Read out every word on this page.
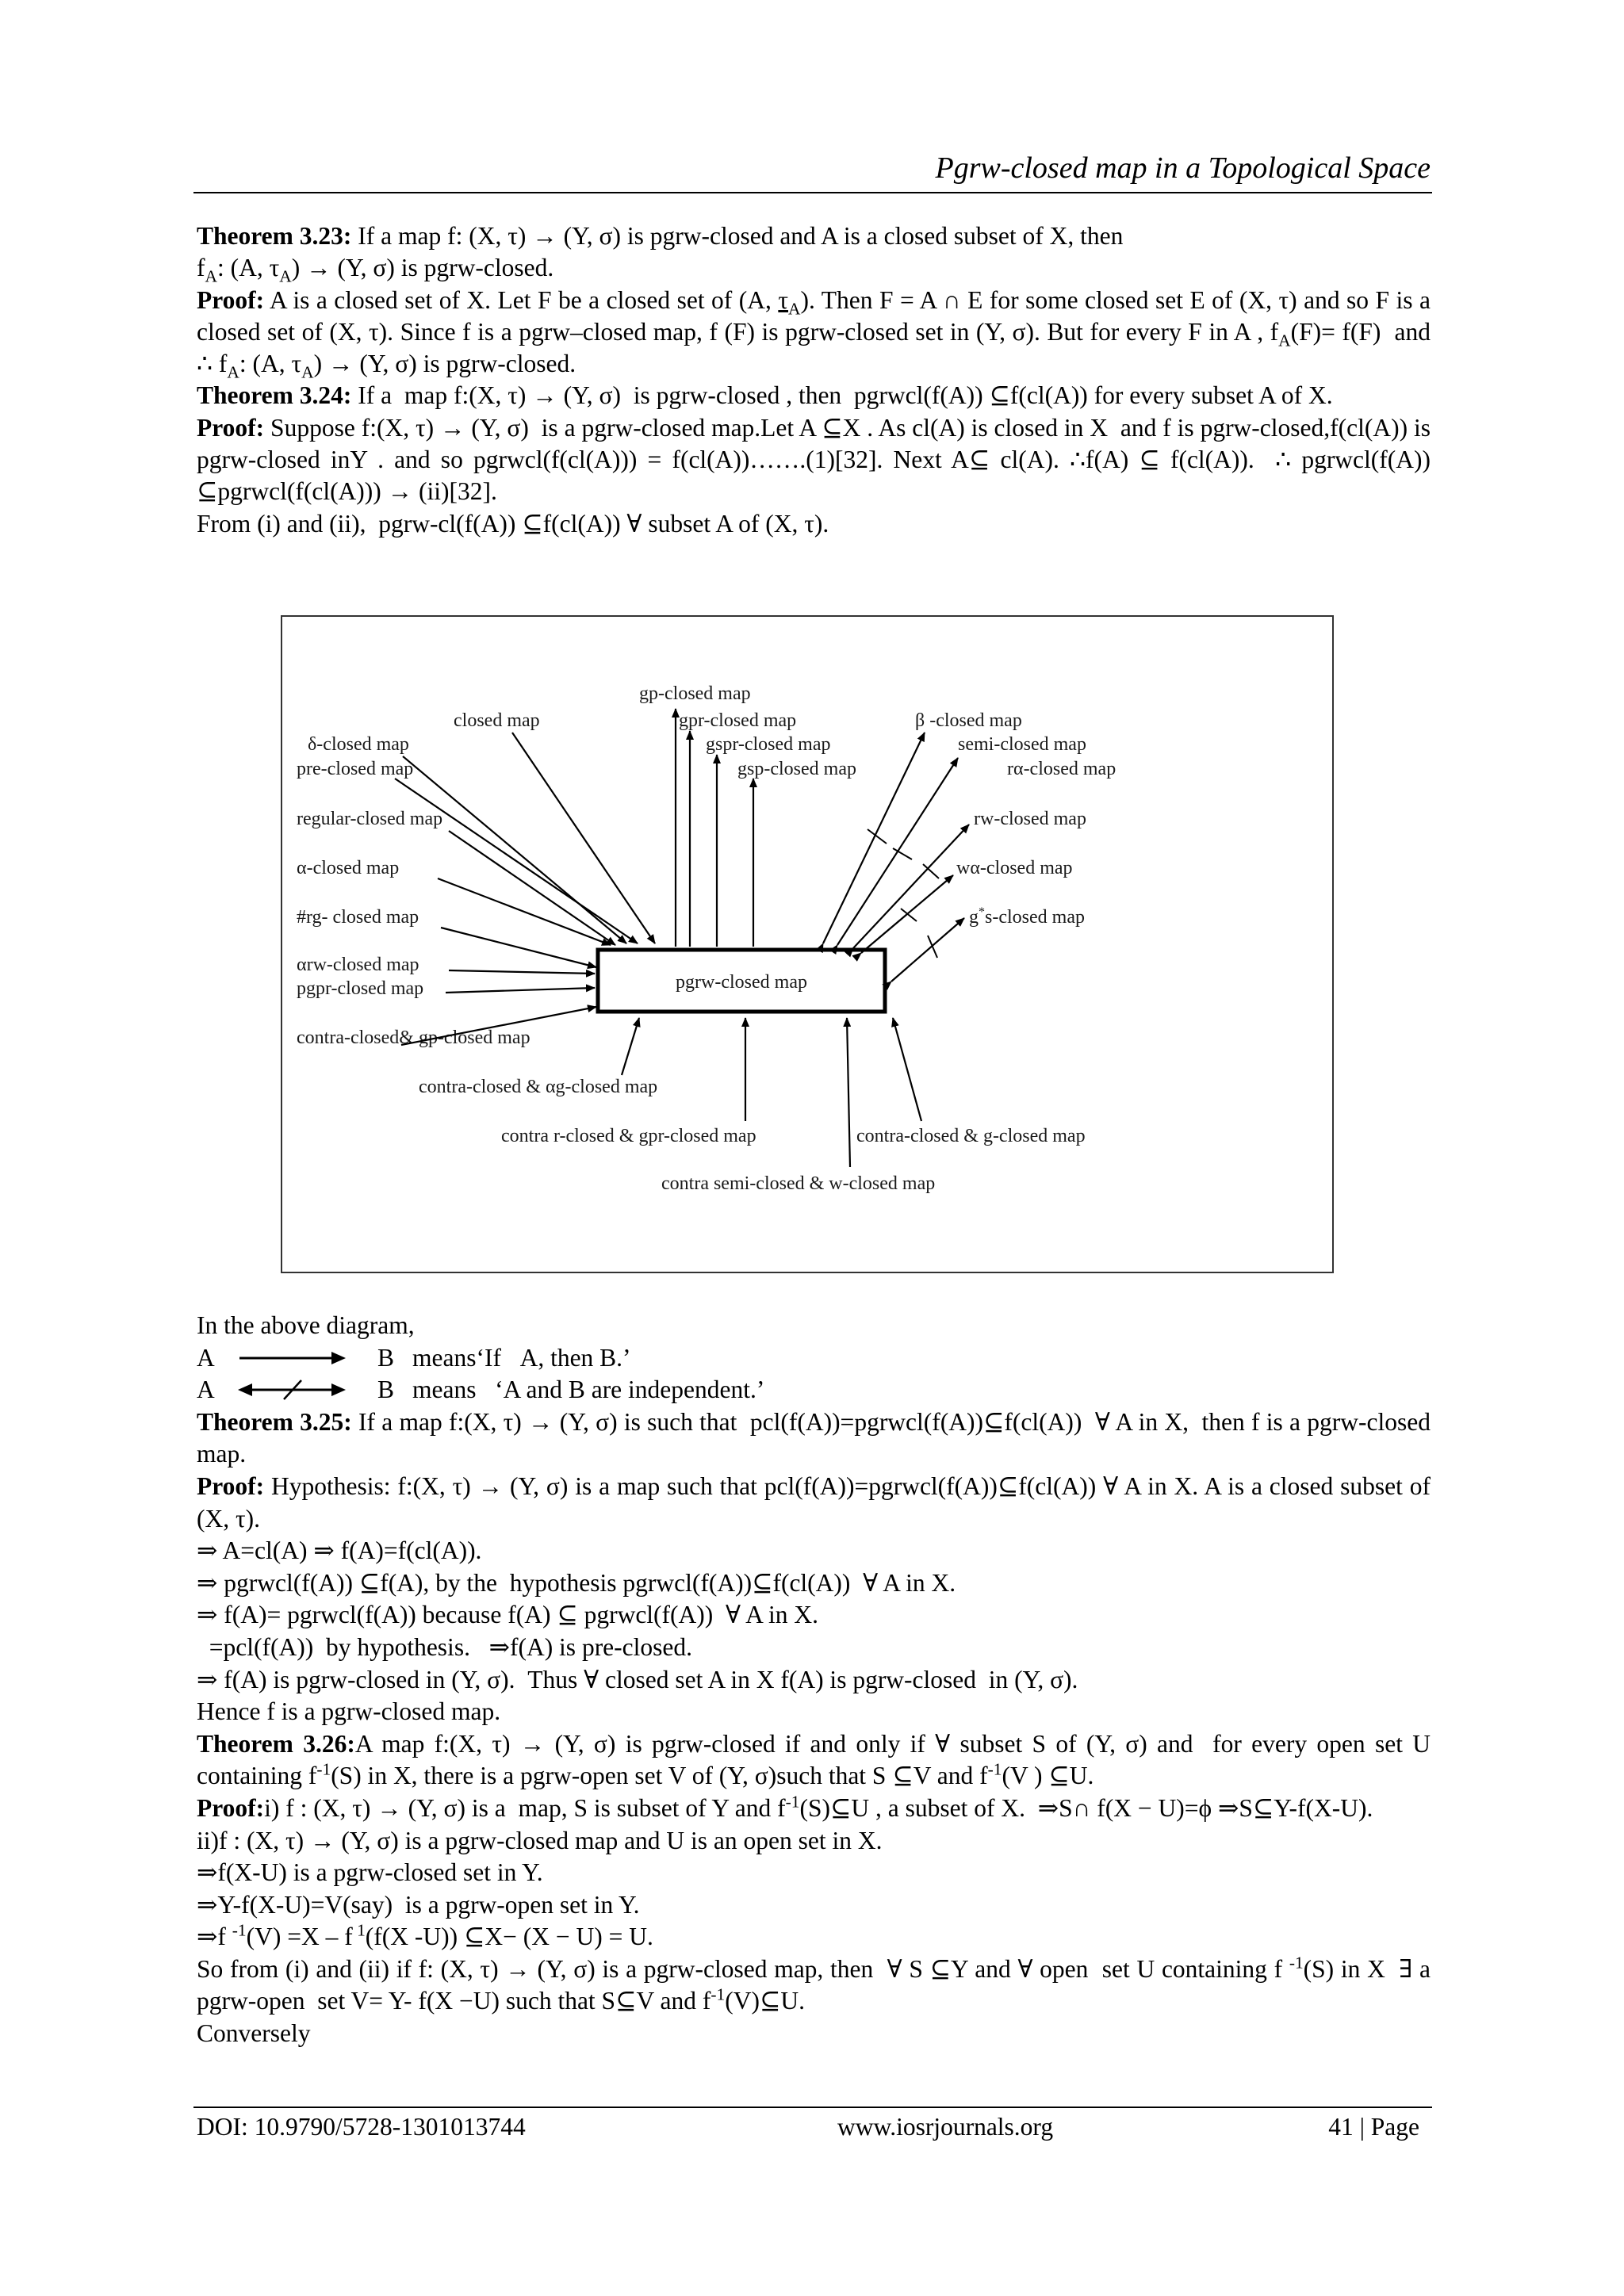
Pgrw-closed map in a Topological Space

Theorem 3.23: If a map f: (X, τ) → (Y, σ) is pgrw-closed and A is a closed subset of X, then

$f_A$: (A, $\tau_A) \to (Y$, σ) is pgrw-closed.

Proof: A is a closed set of X. Let F be a closed set of (A, $\tau_A$). Then F = A ∩ E for some closed set E of (X, τ) and so F is a closed set of (X, τ). Since f is a pgrw–closed map, f (F) is pgrw-closed set in (Y, σ). But for every F in A , $f_A(F)= f(F)$  and ∴ $f_A$: (A, $\tau_A) \to (Y$, σ) is pgrw-closed.

Theorem 3.24: If a  map f:(X, τ) → (Y, σ)  is pgrw-closed , then  pgrwcl(f(A)) ⊆f(cl(A)) for every subset A of X.

Proof: Suppose f:(X, τ) → (Y, σ)  is a pgrw-closed map.Let A ⊆X . As cl(A) is closed in X  and f is pgrw-closed,f(cl(A)) is pgrw-closed inY . and so pgrwcl(f(cl(A))) = f(cl(A))…….(1)[32]. Next A⊆ cl(A). ∴f(A) ⊆ f(cl(A)).  ∴ pgrwcl(f(A)) ⊆pgrwcl(f(cl(A))) → (ii)[32].

From (i) and (ii),  pgrw-cl(f(A)) ⊆f(cl(A)) ∀ subset A of (X, τ).

pgrw-closed map
gp-closed map
closed map	gpr-closed map	β -closed map
δ-closed map	gspr-closed map	semi-closed map
pre-closed map	gsp-closed map	rα-closed map
regular-closed map	rw-closed map
α-closed map	wα-closed map
#rg- closed map	g*s-closed map
αrw-closed map
pgpr-closed map
contra-closed& gp-closed map
contra-closed & αg-closed map
contra r-closed & gpr-closed map	contra-closed & g-closed map
contra semi-closed & w-closed map

In the above diagram,

A	B means‘If   A, then B.’
A	B means   ‘A and B are independent.’

Theorem 3.25: If a map f:(X, τ) → (Y, σ) is such that  pcl(f(A))=pgrwcl(f(A))⊆f(cl(A))  ∀ A in X,  then f is a pgrw-closed map.

Proof: Hypothesis: f:(X, τ) → (Y, σ) is a map such that pcl(f(A))=pgrwcl(f(A))⊆f(cl(A)) ∀ A in X. A is a closed subset of (X, τ).

⇒ A=cl(A) ⇒ f(A)=f(cl(A)).

⇒ pgrwcl(f(A)) ⊆f(A), by the  hypothesis pgrwcl(f(A))⊆f(cl(A))  ∀ A in X.

⇒ f(A)= pgrwcl(f(A)) because f(A) ⊆ pgrwcl(f(A))  ∀ A in X.

=pcl(f(A))  by hypothesis.   ⇒f(A) is pre-closed.

⇒ f(A) is pgrw-closed in (Y, σ).  Thus ∀ closed set A in X f(A) is pgrw-closed  in (Y, σ).

Hence f is a pgrw-closed map.

Theorem 3.26:A map f:(X, τ) → (Y, σ) is pgrw-closed if and only if ∀ subset S of (Y, σ) and  for every open set U containing $f^{-1}(S)$ in X, there is a pgrw-open set V of (Y, σ)such that S ⊆V and $f^{-1}(V$ ) ⊆U.

Proof:i) f : (X, τ) → (Y, σ) is a  map, S is subset of Y and $f^{-1}(S)⊆U$ , a subset of X.  ⇒S∩ f(X − U)=ϕ ⇒S⊆Y-f(X-U).

ii)f : (X, τ) → (Y, σ) is a pgrw-closed map and U is an open set in X.

⇒f(X-U) is a pgrw-closed set in Y.

⇒Y-f(X-U)=V(say)  is a pgrw-open set in Y.

⇒f $^{-1}$(V) =X – f $^1$(f(X -U)) ⊆X− (X − U) = U.

So from (i) and (ii) if f: (X, τ) → (Y, σ) is a pgrw-closed map, then  ∀ S ⊆Y and ∀ open  set U containing f $^{-1}$(S) in X  ∃ a pgrw-open  set V= Y- f(X −U) such that S⊆V and $f^{-1}(V)⊆U$.

Conversely

DOI: 10.9790/5728-1301013744	www.iosrjournals.org	41 | Page
